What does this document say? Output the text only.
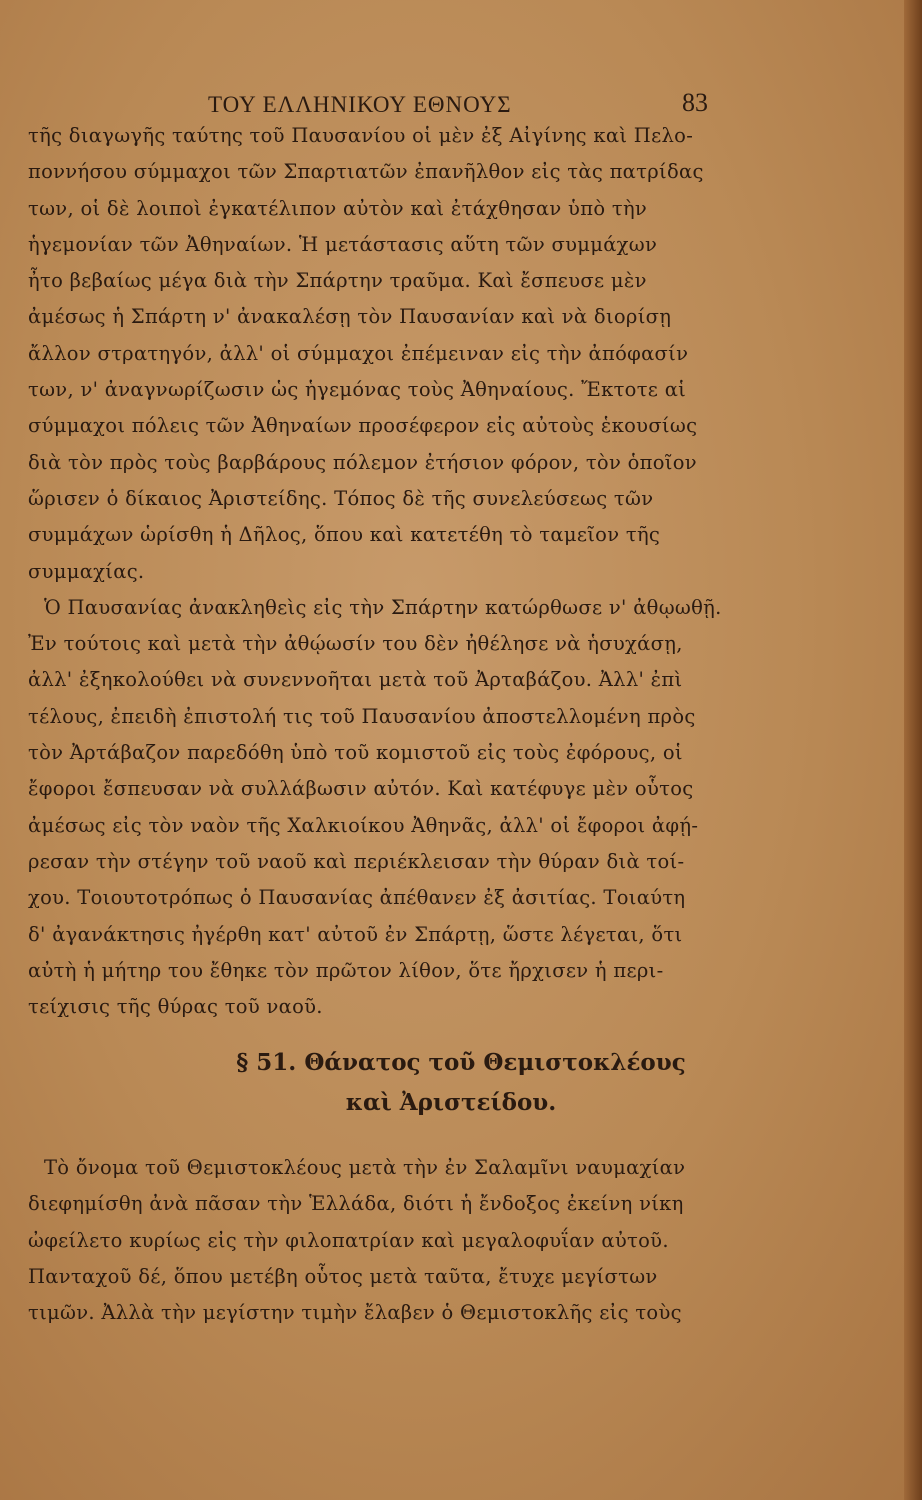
ΤΟΥ ΕΛΛΗΝΙΚΟΥ ΕΘΝΟΥΣ	83
τῆς διαγωγῆς ταύτης τοῦ Παυσανίου οἱ μὲν ἐξ Αἰγίνης καὶ Πελο-
ποννήσου σύμμαχοι τῶν Σπαρτιατῶν ἐπανῆλθον εἰς τὰς πατρίδας
των, οἱ δὲ λοιποὶ ἐγκατέλιπον αὐτὸν καὶ ἐτάχθησαν ὑπὸ τὴν
ἡγεμονίαν τῶν Ἀθηναίων. Ἡ μετάστασις αὕτη τῶν συμμάχων
ἦτο βεβαίως μέγα διὰ τὴν Σπάρτην τραῦμα. Καὶ ἔσπευσε μὲν
ἀμέσως ἡ Σπάρτη ν' ἀνακαλέσῃ τὸν Παυσανίαν καὶ νὰ διορίσῃ
ἄλλον στρατηγόν, ἀλλ' οἱ σύμμαχοι ἐπέμειναν εἰς τὴν ἀπόφασίν
των, ν' ἀναγνωρίζωσιν ὡς ἡγεμόνας τοὺς Ἀθηναίους. Ἔκτοτε αἱ
σύμμαχοι πόλεις τῶν Ἀθηναίων προσέφερον εἰς αὐτοὺς ἑκουσίως
διὰ τὸν πρὸς τοὺς βαρβάρους πόλεμον ἐτήσιον φόρον, τὸν ὁποῖον
ὥρισεν ὁ δίκαιος Ἀριστείδης. Τόπος δὲ τῆς συνελεύσεως τῶν
συμμάχων ὡρίσθη ἡ Δῆλος, ὅπου καὶ κατετέθη τὸ ταμεῖον τῆς
συμμαχίας.
Ὁ Παυσανίας ἀνακληθεὶς εἰς τὴν Σπάρτην κατώρθωσε ν' ἀθῳωθῇ.
Ἐν τούτοις καὶ μετὰ τὴν ἀθῴωσίν του δὲν ἠθέλησε νὰ ἡσυχάσῃ,
ἀλλ' ἐξηκολούθει νὰ συνεννοῆται μετὰ τοῦ Ἀρταβάζου. Ἀλλ' ἐπὶ
τέλους, ἐπειδὴ ἐπιστολή τις τοῦ Παυσανίου ἀποστελλομένη πρὸς
τὸν Ἀρτάβαζον παρεδόθη ὑπὸ τοῦ κομιστοῦ εἰς τοὺς ἐφόρους, οἱ
ἔφοροι ἔσπευσαν νὰ συλλάβωσιν αὐτόν. Καὶ κατέφυγε μὲν οὗτος
ἀμέσως εἰς τὸν ναὸν τῆς Χαλκιοίκου Ἀθηνᾶς, ἀλλ' οἱ ἔφοροι ἀφῄ-
ρεσαν τὴν στέγην τοῦ ναοῦ καὶ περιέκλεισαν τὴν θύραν διὰ τοί-
χου. Τοιουτοτρόπως ὁ Παυσανίας ἀπέθανεν ἐξ ἀσιτίας. Τοιαύτη
δ' ἀγανάκτησις ἠγέρθη κατ' αὐτοῦ ἐν Σπάρτῃ, ὥστε λέγεται, ὅτι
αὐτὴ ἡ μήτηρ του ἔθηκε τὸν πρῶτον λίθον, ὅτε ἤρχισεν ἡ περι-
τείχισις τῆς θύρας τοῦ ναοῦ.
§ 51. Θάνατος τοῦ Θεμιστοκλέους
καὶ Ἀριστείδου.
Τὸ ὄνομα τοῦ Θεμιστοκλέους μετὰ τὴν ἐν Σαλαμῖνι ναυμαχίαν
διεφημίσθη ἀνὰ πᾶσαν τὴν Ἑλλάδα, διότι ἡ ἔνδοξος ἐκείνη νίκη
ὠφείλετο κυρίως εἰς τὴν φιλοπατρίαν καὶ μεγαλοφυΐαν αὐτοῦ.
Πανταχοῦ δέ, ὅπου μετέβη οὗτος μετὰ ταῦτα, ἔτυχε μεγίστων
τιμῶν. Ἀλλὰ τὴν μεγίστην τιμὴν ἔλαβεν ὁ Θεμιστοκλῆς εἰς τοὺς
